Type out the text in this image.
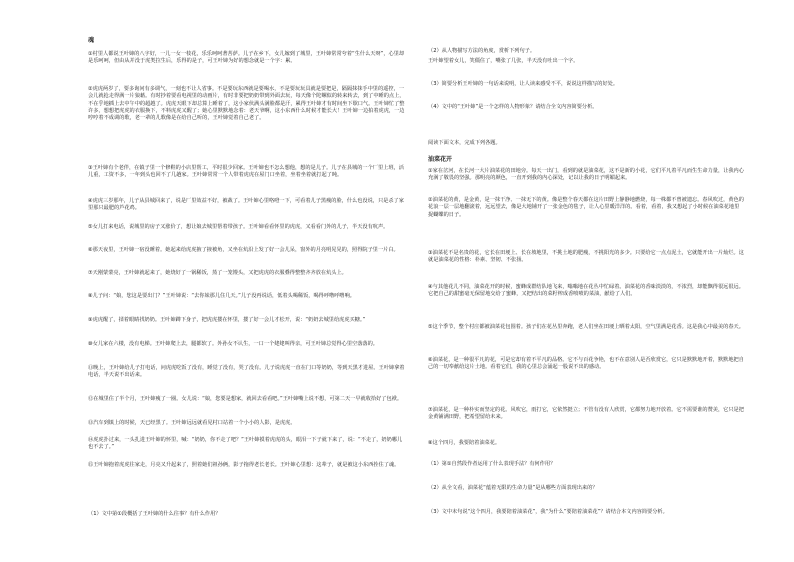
魂

①村里人都说王叶婶的八字好，一儿一女一枝花，乐乐呵呵著菩萨。儿子在乡下，女儿嫁到了城里，王叶婶常常夸着“生什么天呀”，心里却是乐呵呵，但由从并没于虎类拉生后，乐得的是子，可王叶婶为好的想念就是一个字：累。

②虎虎两岁了，要多询问有多调气，一刻也不让人省事。不是要玩东西就是要喝水，不是要玩玩具就是要把是，隔隔抹抹手中里的遥控，一会儿就抢走得满一片狼藉。有时抄着要看电视里的动画片，有时非要把奶奶带到外面去玩，每天像个陀螺似的转来转去，到了中睡的点上，不在乎地插上去中午中的超越了。虎虎天眼下却总算上睡着了，这小家伙满头满脸都是汗，累得王叶婶才有时间坐下歇口气。王叶婶忙了整许多，想想把虎虎的衣服换下，不料虎虎又醒了；她心里默默地念着：老天爷啊，这小东西什么时候才能长大！王叶婶一边拍着虎虎，一边哼哼着不成调的歌，老一辈的儿歌像是在给自己听的，王叶婶觉着自己老了。

③王叶婶有个老伴，在镇子里一个修鞋的小店里帮工，平时很少回家。王叶婶也不怎么想他，想的是儿子。儿子在县城的一个厂里上班，活儿重，工资不多，一年到头也回不了几趟家。王叶婶常常一个人带着虎虎在屋门口坐着，坐着坐着就打起了盹。

④虎虎三岁那年，儿子从县城回来了，说是厂里效益不好，被裁了。王叶婶心里咯噔一下，可看着儿子黑瘦的脸，什么也没说，只是杀了家里那只最肥的芦花鸡。

⑤女儿打来电话，说城里的房子又涨价了，想让娘去城里帮着带孩子。王叶婶看看怀里的虎虎，又看看门外的儿子，半天没有吭声。

⑥那天夜里，王叶婶一宿没睡着。她起来给虎虎掖了掖被角，又坐在炕沿上发了好一会儿呆，窗外的月亮明晃晃的，照得院子里一片白。

⑦天刚蒙蒙亮，王叶婶就起来了，她烧好了一锅稀饭，蒸了一笼馒头，又把虎虎的衣服叠得整整齐齐放在炕头上。

⑧儿子问：“娘，您这是要出门？”王叶婶说：“去你妹那儿住几天。”儿子没再说话，低着头喝稀饭，喝得呼噜呼噜响。

⑨虎虎醒了，揉着眼睛找奶奶。王叶婶蹲下身子，把虎虎搂在怀里，搂了好一会儿才松开，说：“奶奶去城里给虎虎买糖。”

⑩女儿家在六楼，没有电梯。王叶婶爬上去，腿都软了。外孙女不认生，一口一个姥姥叫得亲，可王叶婶总觉得心里空落落的。

⑪晚上，王叶婶给儿子打电话，问虎虎吃饭了没有，睡觉了没有，哭了没有。儿子说虎虎一直在门口等奶奶，等到天黑才进屋。王叶婶拿着电话，半天说不出话来。

⑫在城里住了半个月，王叶婶瘦了一圈。女儿说：“娘，您要是想家，就回去看看吧。”王叶婶嘴上说不想，可第二天一早就收拾好了包袱。

⑬汽车到镇上的时候，天已经黑了。王叶婶远远就看见村口站着一个小小的人影，是虎虎。

⑭虎虎扑过来，一头扎进王叶婶的怀里，喊：“奶奶，你不走了吧？”王叶婶摸着虎虎的头，眼泪一下子就下来了，说：“不走了，奶奶哪儿也不去了。”

⑮王叶婶抱着虎虎往家走，月亮又升起来了，照着她们祖孙俩，影子拖得老长老长。王叶婶心里想：这辈子，就是被这小东西拴住了魂。

（1）文中第①段概括了王叶婶的什么往事？有什么作用？

（2）从人物描写方法的角度，赏析下列句子。

王叶婶望着女儿，笑僵住了，嘴张了几张，半天没有吐出一个字。

（3）简要分析王叶婶的一句话来说明，让人读来感受不平，说说这样描写的好处。

（4）文中的“王叶婶”是一个怎样的人物形象？请结合全文内容简要分析。

阅读下面文本，完成下列各题。

油菜花开

①家在岔河，在长河一大片油菜花的田地旁。每天一出门，看到的就是油菜花，这不是新的小花，它们平凡着平凡而生生命力量，让我内心充满了敬畏的坚强。那明亮的颜色，一直开到我的内心深处，记以让我的日子明媚起来。

②油菜花的黄，是金黄，是一抹干净、一抹无下的黄。像是整个春天都在这片田野上静静地燃烧，每一株都不曾被遗忘。春风吹过，黄色的花浪一层一层地翻滚着，远远望去，像是大地铺开了一张金色的毯子，让人心里暖洋洋的。看着，看着，我又想起了小时候在油菜花地里捉蝴蝶的日子。

③油菜花不是名贵的花，它长在田埂上、长在坡地里，不挑土地的肥瘦，不挑阳光的多少。只要给它一点点泥土，它就能开出一片灿烂。这就是油菜花的性格：朴素、坚韧、不张扬。

④与其他花儿不同，油菜花开的时候，蜜蜂成群结队地飞来，嗡嗡地在花丛中忙碌着。油菜花的香味淡淡的，不浓烈，却能飘得很远很远。它把自己的甜蜜毫无保留地交给了蜜蜂，又把结出的菜籽榨成香喷喷的菜油，献给了人们。

⑤这个季节，整个村庄都被油菜花包围着。孩子们在花丛里奔跑，老人们坐在田埂上晒着太阳，空气里满是花香。这是我心中最美的春天。

⑥油菜花，是一种很平凡的花，可是它却有着不平凡的品格。它不与百花争艳，也不在意别人是否欣赏它，它只是默默地开着，默默地把自己的一切奉献给这片土地。看着它们，我的心里总会涌起一股说不出的感动。

⑦油菜花，是一种朴实而坚定的花。风吹它，雨打它，它依然挺立；不管有没有人欣赏，它都努力地开放着。它不需要谁的赞美，它只是把金黄铺满田野，把希望留给未来。

⑧这个四月，我要陪着油菜花。

（1）第①自然段作者运用了什么表现手法？有何作用？

（2）从全文看，油菜花“蕴着无限的生命力量”是从哪些方面表现出来的？

（3）文中末句说“这个四月，我要陪着油菜花”，我“为什么”要陪着油菜花”？请结合本文内容简要分析。
